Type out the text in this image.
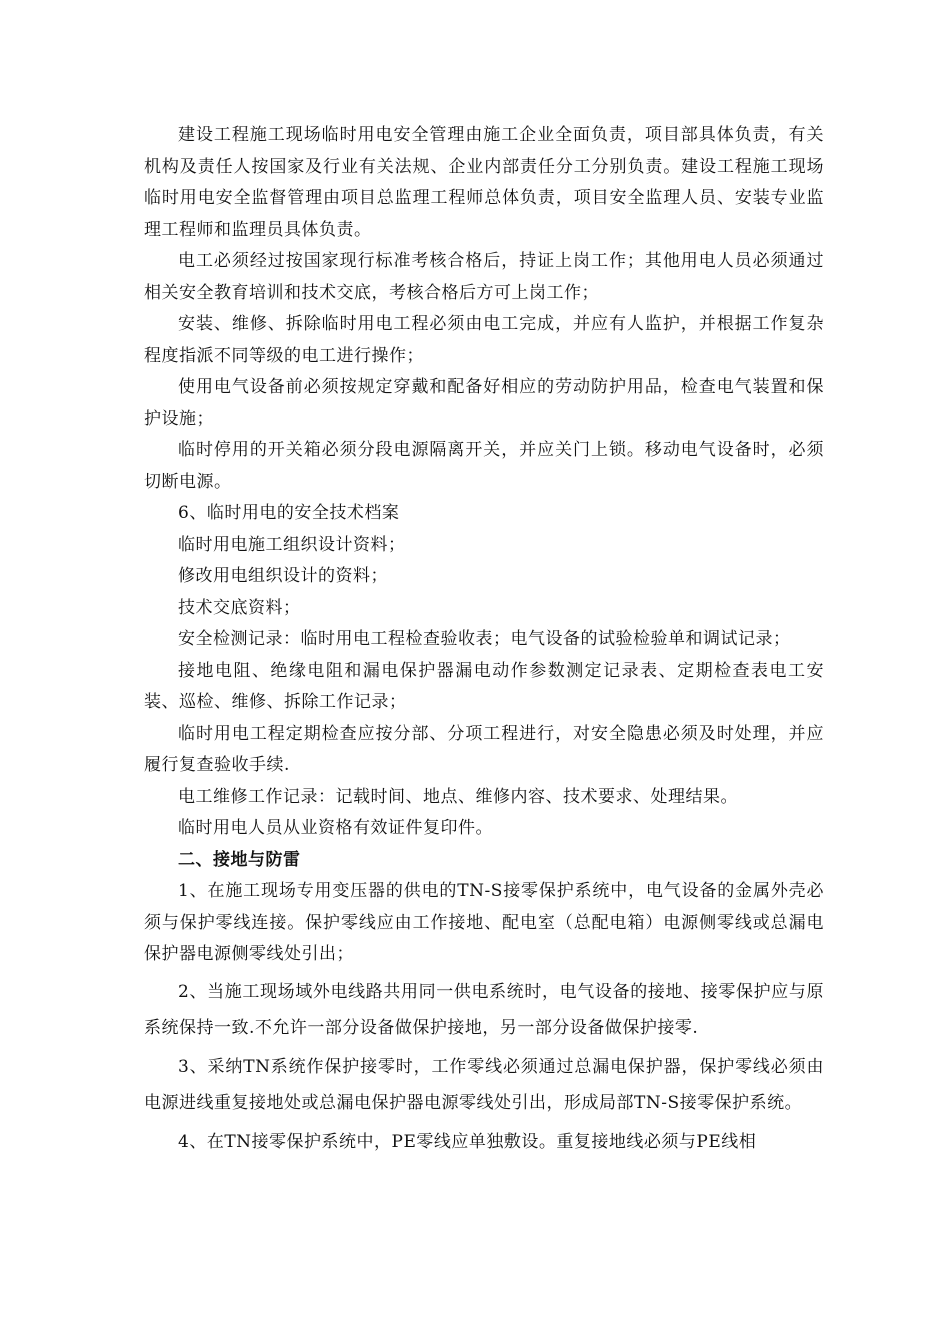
建设工程施工现场临时用电安全管理由施工企业全面负责，项目部具体负责，有关机构及责任人按国家及行业有关法规、企业内部责任分工分别负责。建设工程施工现场临时用电安全监督管理由项目总监理工程师总体负责，项目安全监理人员、安装专业监理工程师和监理员具体负责。

电工必须经过按国家现行标准考核合格后，持证上岗工作；其他用电人员必须通过相关安全教育培训和技术交底，考核合格后方可上岗工作；

安装、维修、拆除临时用电工程必须由电工完成，并应有人监护，并根据工作复杂程度指派不同等级的电工进行操作；

使用电气设备前必须按规定穿戴和配备好相应的劳动防护用品，检查电气装置和保护设施；

临时停用的开关箱必须分段电源隔离开关，并应关门上锁。移动电气设备时，必须切断电源。

6、临时用电的安全技术档案

临时用电施工组织设计资料；

修改用电组织设计的资料；

技术交底资料；

安全检测记录：临时用电工程检查验收表；电气设备的试验检验单和调试记录；

接地电阻、绝缘电阻和漏电保护器漏电动作参数测定记录表、定期检查表电工安装、巡检、维修、拆除工作记录；

临时用电工程定期检查应按分部、分项工程进行，对安全隐患必须及时处理，并应履行复查验收手续.

电工维修工作记录：记载时间、地点、维修内容、技术要求、处理结果。

临时用电人员从业资格有效证件复印件。

二、接地与防雷

1、在施工现场专用变压器的供电的TN-S接零保护系统中，电气设备的金属外壳必须与保护零线连接。保护零线应由工作接地、配电室（总配电箱）电源侧零线或总漏电保护器电源侧零线处引出；

2、当施工现场域外电线路共用同一供电系统时，电气设备的接地、接零保护应与原系统保持一致.不允许一部分设备做保护接地，另一部分设备做保护接零.

3、采纳TN系统作保护接零时，工作零线必须通过总漏电保护器，保护零线必须由电源进线重复接地处或总漏电保护器电源零线处引出，形成局部TN-S接零保护系统。

4、在TN接零保护系统中，PE零线应单独敷设。重复接地线必须与PE线相
